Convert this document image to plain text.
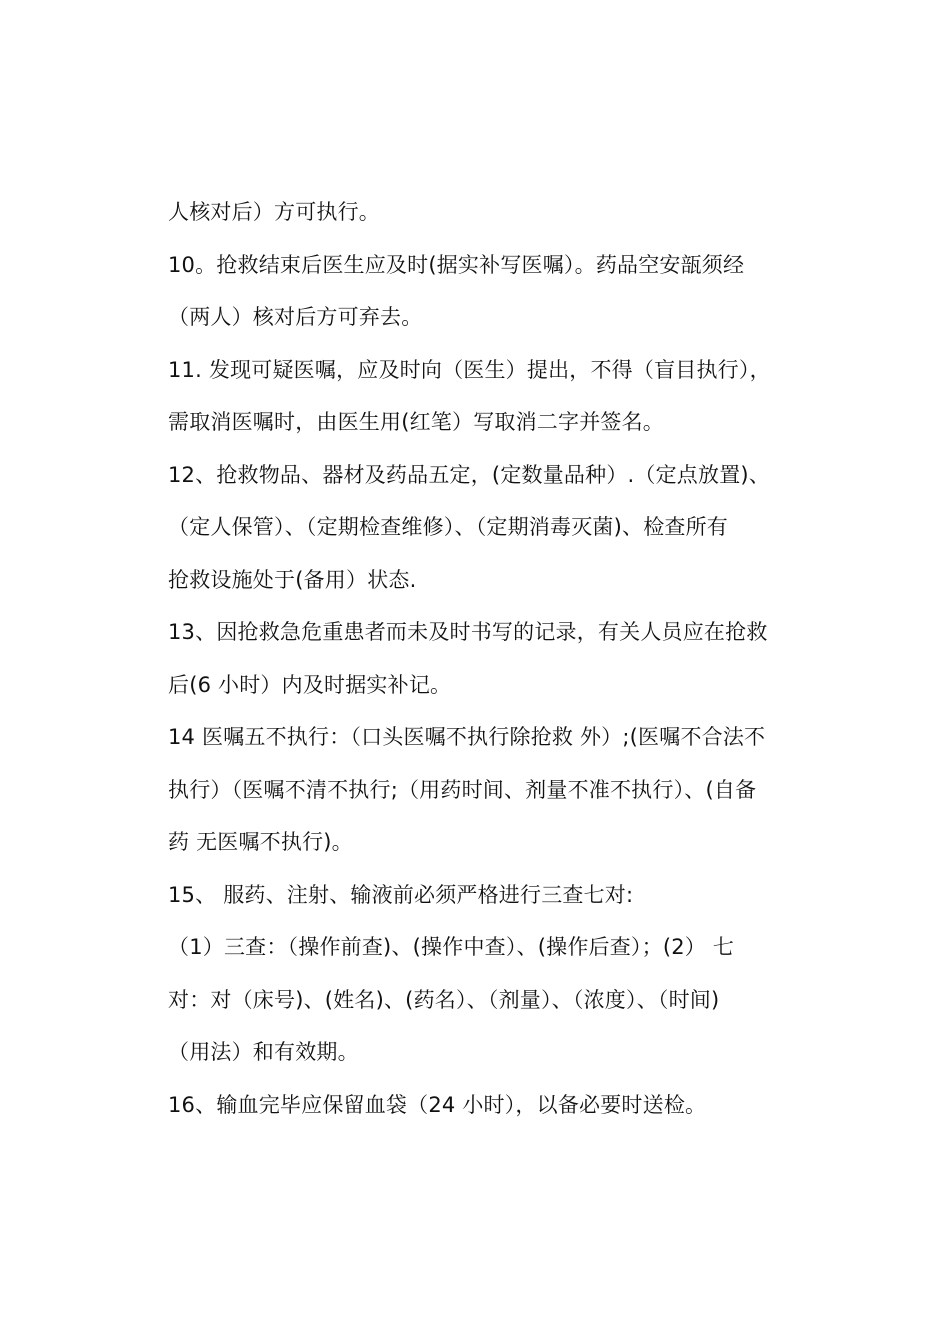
人核对后）方可执行。
10。抢救结束后医生应及时(据实补写医嘱）。药品空安瓿须经
（两人）核对后方可弃去。
11. 发现可疑医嘱，应及时向（医生）提出，不得（盲目执行），
需取消医嘱时，由医生用(红笔）写取消二字并签名。
12、抢救物品、器材及药品五定，(定数量品种）.（定点放置)、
（定人保管）、（定期检查维修）、（定期消毒灭菌)、检查所有
抢救设施处于(备用）状态.
13、因抢救急危重患者而未及时书写的记录，有关人员应在抢救
后(6 小时）内及时据实补记。
14 医嘱五不执行：（口头医嘱不执行除抢救 外）;(医嘱不合法不
执行）（医嘱不清不执行;（用药时间、剂量不准不执行）、(自备
药 无医嘱不执行)。
15、 服药、注射、输液前必须严格进行三查七对:
（1）三查：（操作前查)、(操作中查）、(操作后查）；(2） 七
对：对（床号)、(姓名)、(药名）、（剂量）、（浓度）、（时间)
（用法）和有效期。
16、输血完毕应保留血袋（24 小时），以备必要时送检。
